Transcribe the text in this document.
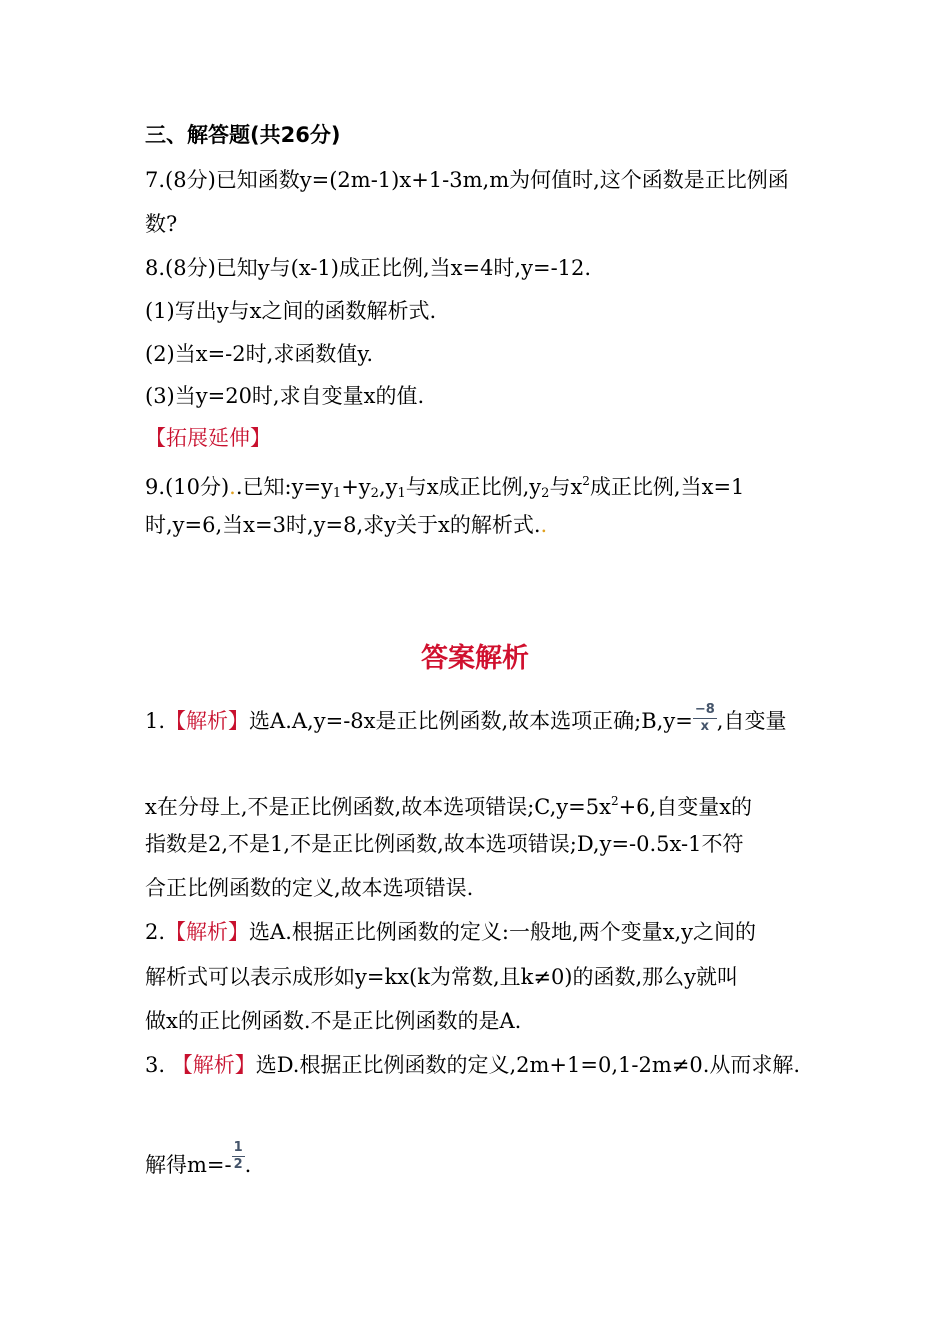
三、解答题(共26分)
7.(8分)已知函数y=(2m-1)x+1-3m,m为何值时,这个函数是正比例函
数?
8.(8分)已知y与(x-1)成正比例,当x=4时,y=-12.
(1)写出y与x之间的函数解析式.
(2)当x=-2时,求函数值y.
(3)当y=20时,求自变量x的值.
【拓展延伸】
9.(10分)..已知$:y=y_1+y_2,y_1$与x成正比例$,y_2$与$x^2$成正比例,当x=1
时,y=6,当x=3时,y=8,求y关于x的解析式..
答案解析
1.【解析】选A.A,y=-8x是正比例函数,故本选项正确;B,y= $\frac{-8}{x}$ ,自变量
x在分母上,不是正比例函数,故本选项错误$;C,y=5x^2+6$,自变量x的
指数是2,不是1,不是正比例函数,故本选项错误;D,y=-0.5x-1不符
合正比例函数的定义,故本选项错误.
2.【解析】选A.根据正比例函数的定义:一般地,两个变量x,y之间的
解析式可以表示成形如y=kx(k为常数,且k≠0)的函数,那么y就叫
做x的正比例函数.不是正比例函数的是A.
3. 【解析】选D.根据正比例函数的定义,2m+1=0,1-2m≠0.从而求解.
解得$m=- \frac{1}{2}$ .
